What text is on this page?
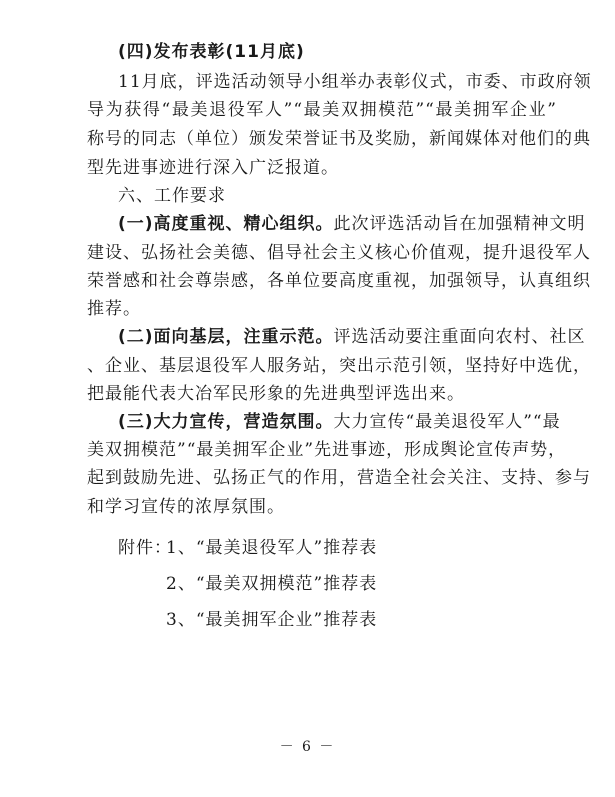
(四)发布表彰(11月底)
11月底，评选活动领导小组举办表彰仪式，市委、市政府领
导为获得“最美退役军人”“最美双拥模范”“最美拥军企业”
称号的同志（单位）颁发荣誉证书及奖励，新闻媒体对他们的典
型先进事迹进行深入广泛报道。
六、工作要求
(一)高度重视、精心组织。此次评选活动旨在加强精神文明
建设、弘扬社会美德、倡导社会主义核心价值观，提升退役军人
荣誉感和社会尊崇感，各单位要高度重视，加强领导，认真组织
推荐。
(二)面向基层，注重示范。评选活动要注重面向农村、社区
、企业、基层退役军人服务站，突出示范引领，坚持好中选优，
把最能代表大冶军民形象的先进典型评选出来。
(三)大力宣传，营造氛围。大力宣传“最美退役军人”“最
美双拥模范”“最美拥军企业”先进事迹，形成舆论宣传声势，
起到鼓励先进、弘扬正气的作用，营造全社会关注、支持、参与
和学习宣传的浓厚氛围。
附件：
1、“最美退役军人”推荐表
2、“最美双拥模范”推荐表
3、“最美拥军企业”推荐表
－ 6 －
